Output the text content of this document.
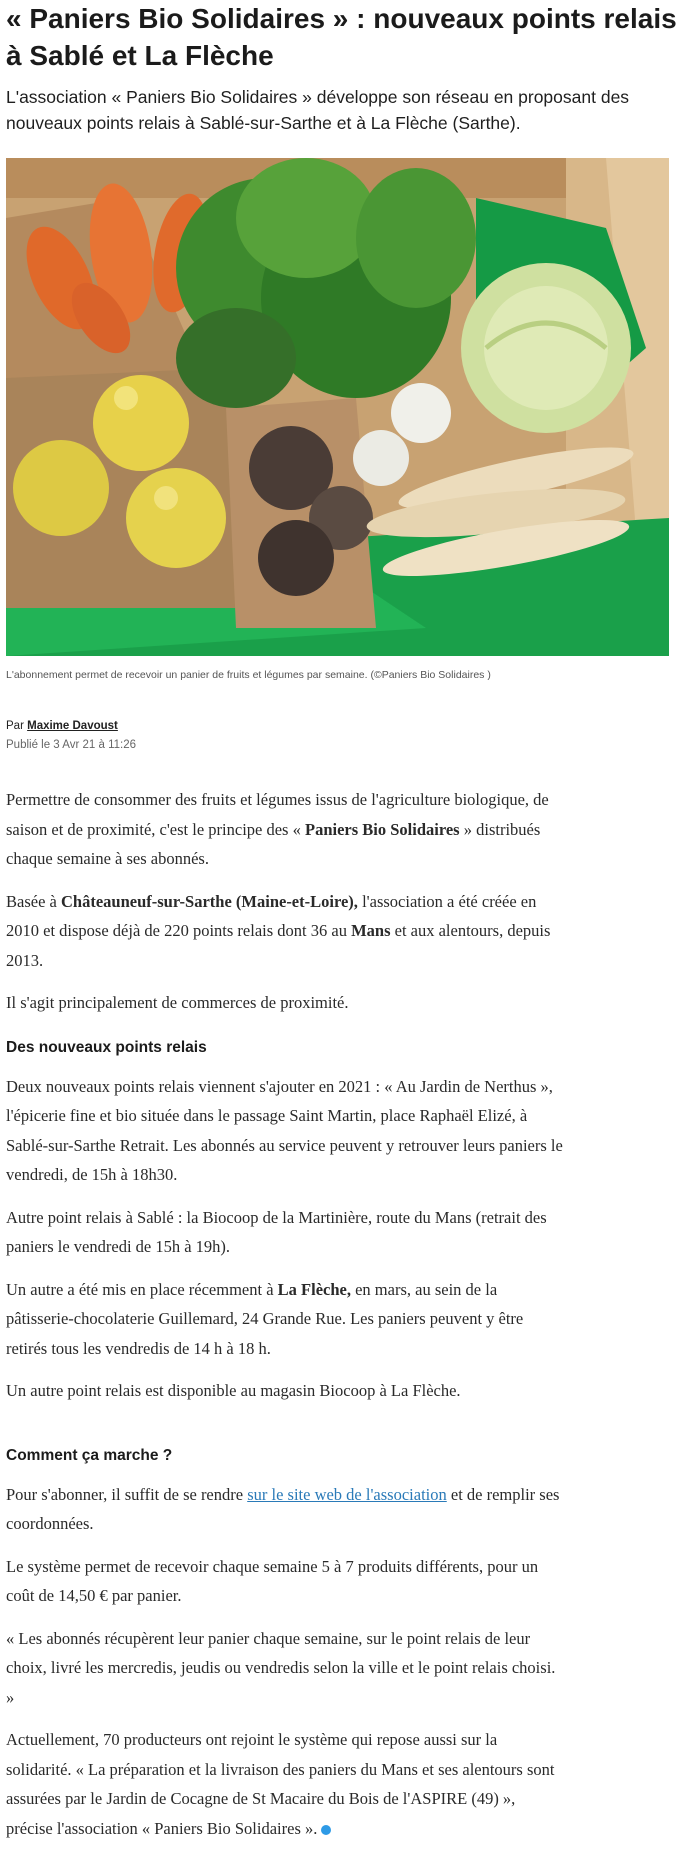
« Paniers Bio Solidaires » : nouveaux points relais à Sablé et La Flèche

L'association « Paniers Bio Solidaires » développe son réseau en proposant des nouveaux points relais à Sablé-sur-Sarthe et à La Flèche (Sarthe).

L'abonnement permet de recevoir un panier de fruits et légumes par semaine. (©Paniers Bio Solidaires )

Par Maxime Davoust
Publié le 3 Avr 21 à 11:26

Permettre de consommer des fruits et légumes issus de l'agriculture biologique, de saison et de proximité, c'est le principe des « Paniers Bio Solidaires » distribués chaque semaine à ses abonnés.

Basée à Châteauneuf-sur-Sarthe (Maine-et-Loire), l'association a été créée en 2010 et dispose déjà de 220 points relais dont 36 au Mans et aux alentours, depuis 2013.

Il s'agit principalement de commerces de proximité.

Des nouveaux points relais

Deux nouveaux points relais viennent s'ajouter en 2021 : « Au Jardin de Nerthus », l'épicerie fine et bio située dans le passage Saint Martin, place Raphaël Elizé, à Sablé-sur-Sarthe Retrait. Les abonnés au service peuvent y retrouver leurs paniers le vendredi, de 15h à 18h30.

Autre point relais à Sablé : la Biocoop de la Martinière, route du Mans (retrait des paniers le vendredi de 15h à 19h).

Un autre a été mis en place récemment à La Flèche, en mars, au sein de la pâtisserie-chocolaterie Guillemard, 24 Grande Rue. Les paniers peuvent y être retirés tous les vendredis de 14 h à 18 h.

Un autre point relais est disponible au magasin Biocoop à La Flèche.

Comment ça marche ?

Pour s'abonner, il suffit de se rendre sur le site web de l'association et de remplir ses coordonnées.

Le système permet de recevoir chaque semaine 5 à 7 produits différents, pour un coût de 14,50 € par panier.

« Les abonnés récupèrent leur panier chaque semaine, sur le point relais de leur choix, livré les mercredis, jeudis ou vendredis selon la ville et le point relais choisi. »

Actuellement, 70 producteurs ont rejoint le système qui repose aussi sur la solidarité. « La préparation et la livraison des paniers du Mans et ses alentours sont assurées par le Jardin de Cocagne de St Macaire du Bois de l'ASPIRE (49) », précise l'association « Paniers Bio Solidaires ».
